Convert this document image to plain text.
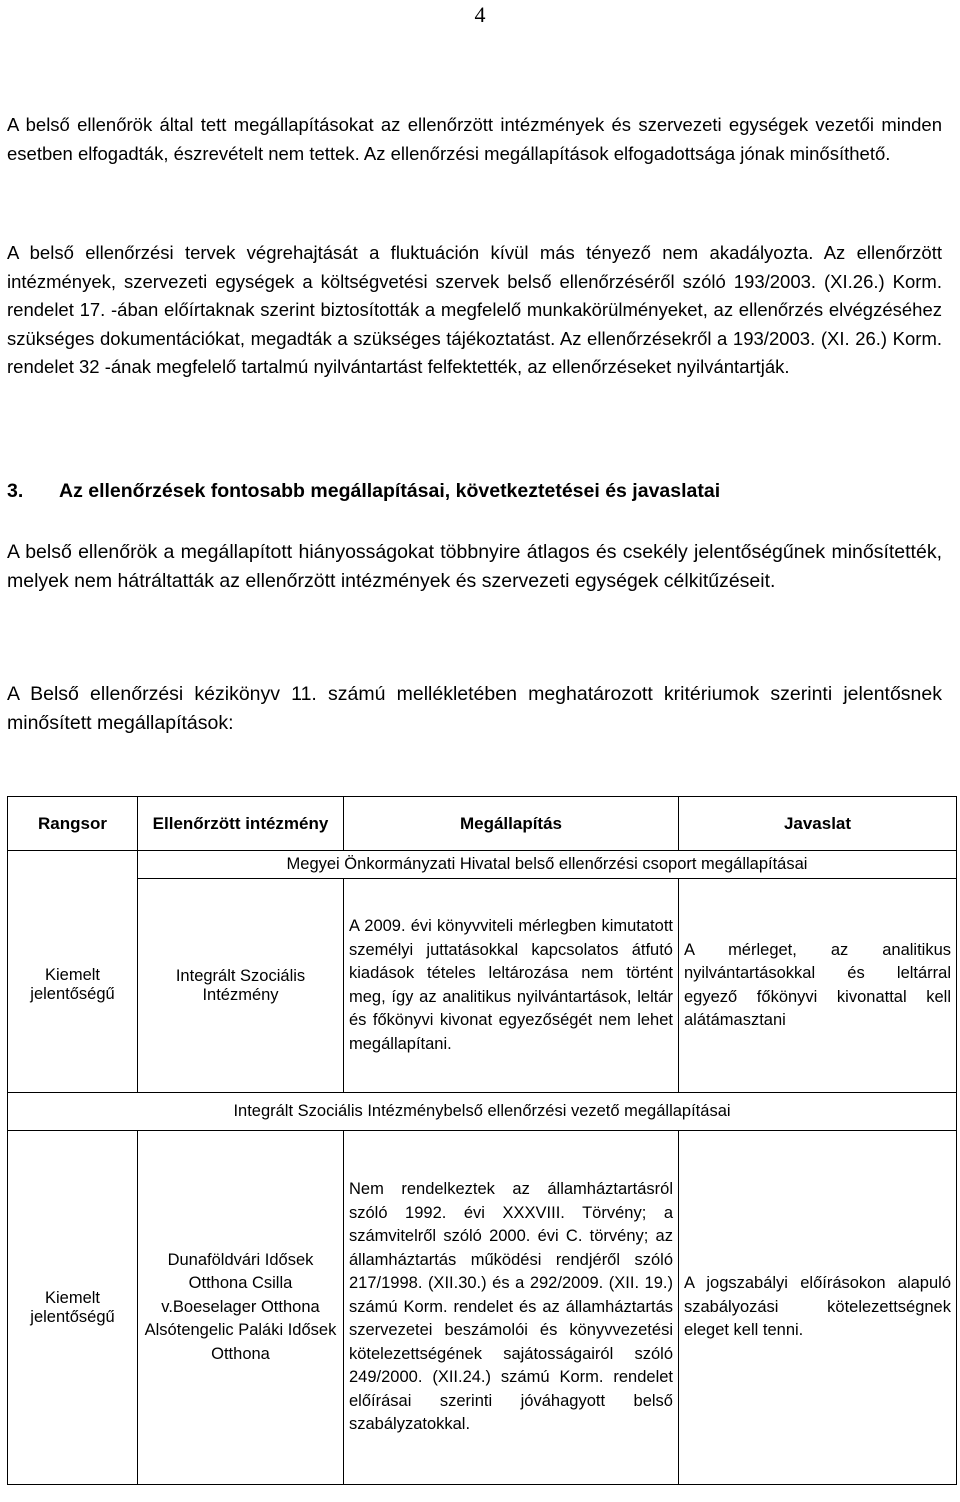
4

A belső ellenőrök által tett megállapításokat az ellenőrzött intézmények és szervezeti egységek vezetői minden esetben elfogadták, észrevételt nem tettek. Az ellenőrzési megállapítások elfogadottsága jónak minősíthető.

A belső ellenőrzési tervek végrehajtását a fluktuáción kívül más tényező nem akadályozta. Az ellenőrzött intézmények, szervezeti egységek a költségvetési szervek belső ellenőrzéséről szóló 193/2003. (XI.26.) Korm. rendelet 17. -ában előírtaknak szerint biztosították a megfelelő munkakörülményeket, az ellenőrzés elvégzéséhez szükséges dokumentációkat, megadták a szükséges tájékoztatást. Az ellenőrzésekről a 193/2003. (XI. 26.) Korm. rendelet 32 -ának megfelelő tartalmú nyilvántartást felfektették, az ellenőrzéseket nyilvántartják.

3. Az ellenőrzések fontosabb megállapításai, következtetései és javaslatai

A belső ellenőrök a megállapított hiányosságokat többnyire átlagos és csekély jelentőségűnek minősítették, melyek nem hátráltatták az ellenőrzött intézmények és szervezeti egységek célkitűzéseit.

A Belső ellenőrzési kézikönyv 11. számú mellékletében meghatározott kritériumok szerinti jelentősnek minősített megállapítások:

Rangsor	Ellenőrzött intézmény	Megállapítás	Javaslat
	Megyei Önkormányzati Hivatal belső ellenőrzési csoport megállapításai		
Kiemelt jelentőségű	Integrált Szociális Intézmény	A 2009. évi könyvviteli mérlegben kimutatott személyi juttatásokkal kapcsolatos átfutó kiadások tételes leltározása nem történt meg, így az analitikus nyilvántartások, leltár és főkönyvi kivonat egyezőségét nem lehet megállapítani.	A mérleget, az analitikus nyilvántartásokkal és leltárral egyező főkönyvi kivonattal kell alátámasztani
Integrált Szociális Intézménybelső ellenőrzési vezető megállapításai			
Kiemelt jelentőségű	Dunaföldvári Idősek Otthona Csilla v.Boeselager Otthona Alsótengelic Paláki Idősek Otthona	Nem rendelkeztek az államháztartásról szóló 1992. évi XXXVIII. Törvény; a számvitelről szóló 2000. évi C. törvény; az államháztartás működési rendjéről szóló 217/1998. (XII.30.) és a 292/2009. (XII. 19.) számú Korm. rendelet és az államháztartás szervezetei beszámolói és könyvvezetési kötelezettségének sajátosságairól szóló 249/2000. (XII.24.) számú Korm. rendelet előírásai szerinti jóváhagyott belső szabályzatokkal.	A jogszabályi előírásokon alapuló szabályozási kötelezettségnek eleget kell tenni.
